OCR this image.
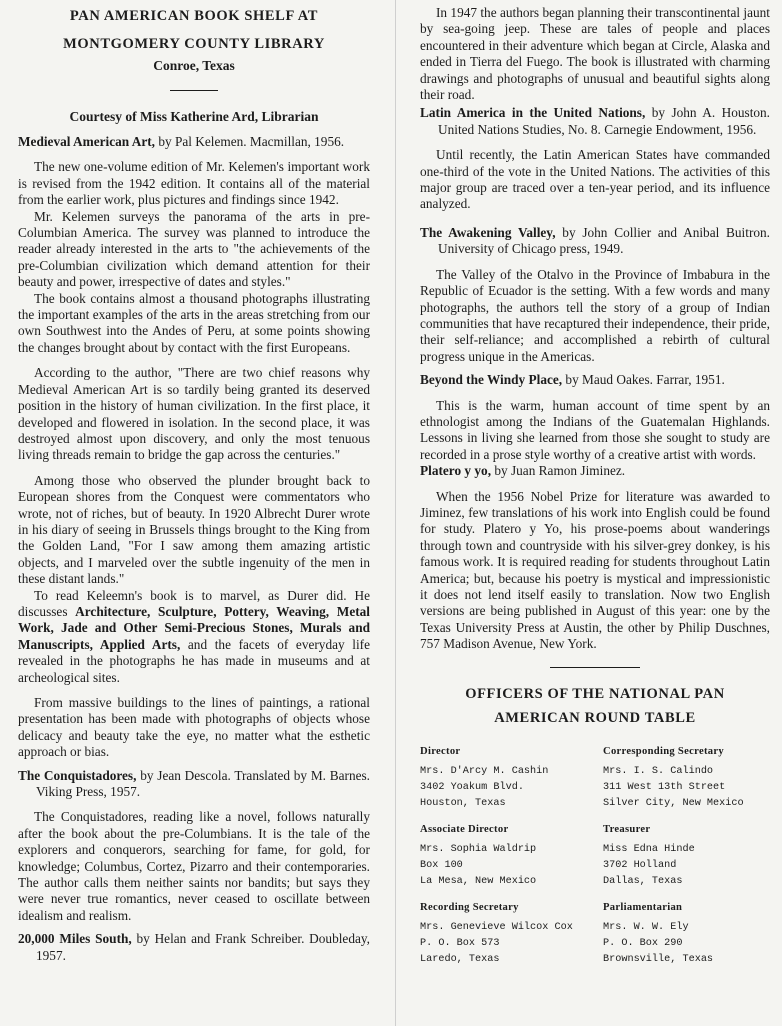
PAN AMERICAN BOOK SHELF AT
MONTGOMERY COUNTY LIBRARY
Conroe, Texas
Courtesy of Miss Katherine Ard, Librarian
Medieval American Art, by Pal Kelemen. Macmillan, 1956.

The new one-volume edition of Mr. Kelemen's important work is revised from the 1942 edition. It contains all of the material from the earlier work, plus pictures and findings since 1942.

Mr. Kelemen surveys the panorama of the arts in pre-Columbian America. The survey was planned to introduce the reader already interested in the arts to "the achievements of the pre-Columbian civilization which demand attention for their beauty and power, irrespective of dates and styles."

The book contains almost a thousand photographs illustrating the important examples of the arts in the areas stretching from our own Southwest into the Andes of Peru, at some points showing the changes brought about by contact with the first Europeans.

According to the author, "There are two chief reasons why Medieval American Art is so tardily being granted its deserved position in the history of human civilization. In the first place, it developed and flowered in isolation. In the second place, it was destroyed almost upon discovery, and only the most tenuous living threads remain to bridge the gap across the centuries."

Among those who observed the plunder brought back to European shores from the Conquest were commentators who wrote, not of riches, but of beauty. In 1920 Albrecht Durer wrote in his diary of seeing in Brussels things brought to the King from the Golden Land, "For I saw among them amazing artistic objects, and I marveled over the subtle ingenuity of the men in these distant lands."

To read Keleemn's book is to marvel, as Durer did. He discusses Architecture, Sculpture, Pottery, Weaving, Metal Work, Jade and Other Semi-Precious Stones, Murals and Manuscripts, Applied Arts, and the facets of everyday life revealed in the photographs he has made in museums and at archeological sites.

From massive buildings to the lines of paintings, a rational presentation has been made with photographs of objects whose delicacy and beauty take the eye, no matter what the esthetic approach or bias.

The Conquistadores, by Jean Descola. Translated by M. Barnes. Viking Press, 1957.

The Conquistadores, reading like a novel, follows naturally after the book about the pre-Columbians. It is the tale of the explorers and conquerors, searching for fame, for gold, for knowledge; Columbus, Cortez, Pizarro and their contemporaries. The author calls them neither saints nor bandits; but says they were never true romantics, never ceased to oscillate between idealism and realism.

20,000 Miles South, by Helan and Frank Schreiber. Doubleday, 1957.

In 1947 the authors began planning their transcontinental jaunt by sea-going jeep. These are tales of people and places encountered in their adventure which began at Circle, Alaska and ended in Tierra del Fuego. The book is illustrated with charming drawings and photographs of unusual and beautiful sights along their road.

Latin America in the United Nations, by John A. Houston. United Nations Studies, No. 8. Carnegie Endowment, 1956.

Until recently, the Latin American States have commanded one-third of the vote in the United Nations. The activities of this major group are traced over a ten-year period, and its influence analyzed.

The Awakening Valley, by John Collier and Anibal Buitron. University of Chicago press, 1949.

The Valley of the Otalvo in the Province of Imbabura in the Republic of Ecuador is the setting. With a few words and many photographs, the authors tell the story of a group of Indian communities that have recaptured their independence, their pride, their self-reliance; and accomplished a rebirth of cultural progress unique in the Americas.

Beyond the Windy Place, by Maud Oakes. Farrar, 1951.

This is the warm, human account of time spent by an ethnologist among the Indians of the Guatemalan Highlands. Lessons in living she learned from those she sought to study are recorded in a prose style worthy of a creative artist with words.

Platero y yo, by Juan Ramon Jiminez.

When the 1956 Nobel Prize for literature was awarded to Jiminez, few translations of his work into English could be found for study. Platero y Yo, his prose-poems about wanderings through town and countryside with his silver-grey donkey, is his famous work. It is required reading for students throughout Latin America; but, because his poetry is mystical and impressionistic it does not lend itself easily to translation. Now two English versions are being published in August of this year: one by the Texas University Press at Austin, the other by Philip Duschnes, 757 Madison Avenue, New York.

OFFICERS OF THE NATIONAL PAN
AMERICAN ROUND TABLE
Director
Mrs. D'Arcy M. Cashin
3402 Yoakum Blvd.
Houston, Texas
Corresponding Secretary
Mrs. I. S. Calindo
311 West 13th Street
Silver City, New Mexico
Associate Director
Mrs. Sophia Waldrip
Box 100
La Mesa, New Mexico
Treasurer
Miss Edna Hinde
3702 Holland
Dallas, Texas
Recording Secretary
Mrs. Genevieve Wilcox Cox
P. O. Box 573
Laredo, Texas
Parliamentarian
Mrs. W. W. Ely
P. O. Box 290
Brownsville, Texas
